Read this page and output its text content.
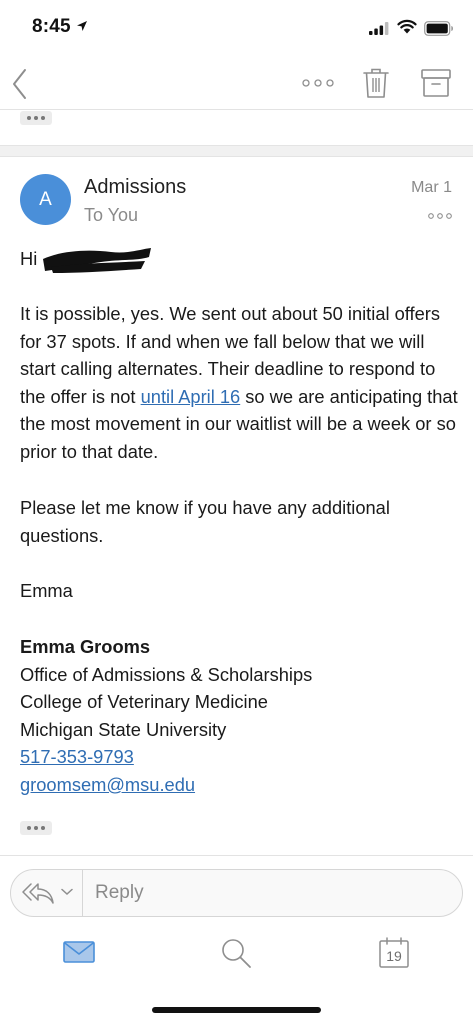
8:45
A
Admissions
To You
Mar 1
Hi
It is possible, yes. We sent out about 50 initial offers for 37 spots. If and when we fall below that we will start calling alternates. Their deadline to respond to the offer is not until April 16 so we are anticipating that the most movement in our waitlist will be a week or so prior to that date.
Please let me know if you have any additional questions.
Emma
Emma Grooms
Office of Admissions & Scholarships
College of Veterinary Medicine
Michigan State University
517-353-9793
groomsem@msu.edu
Reply
19
